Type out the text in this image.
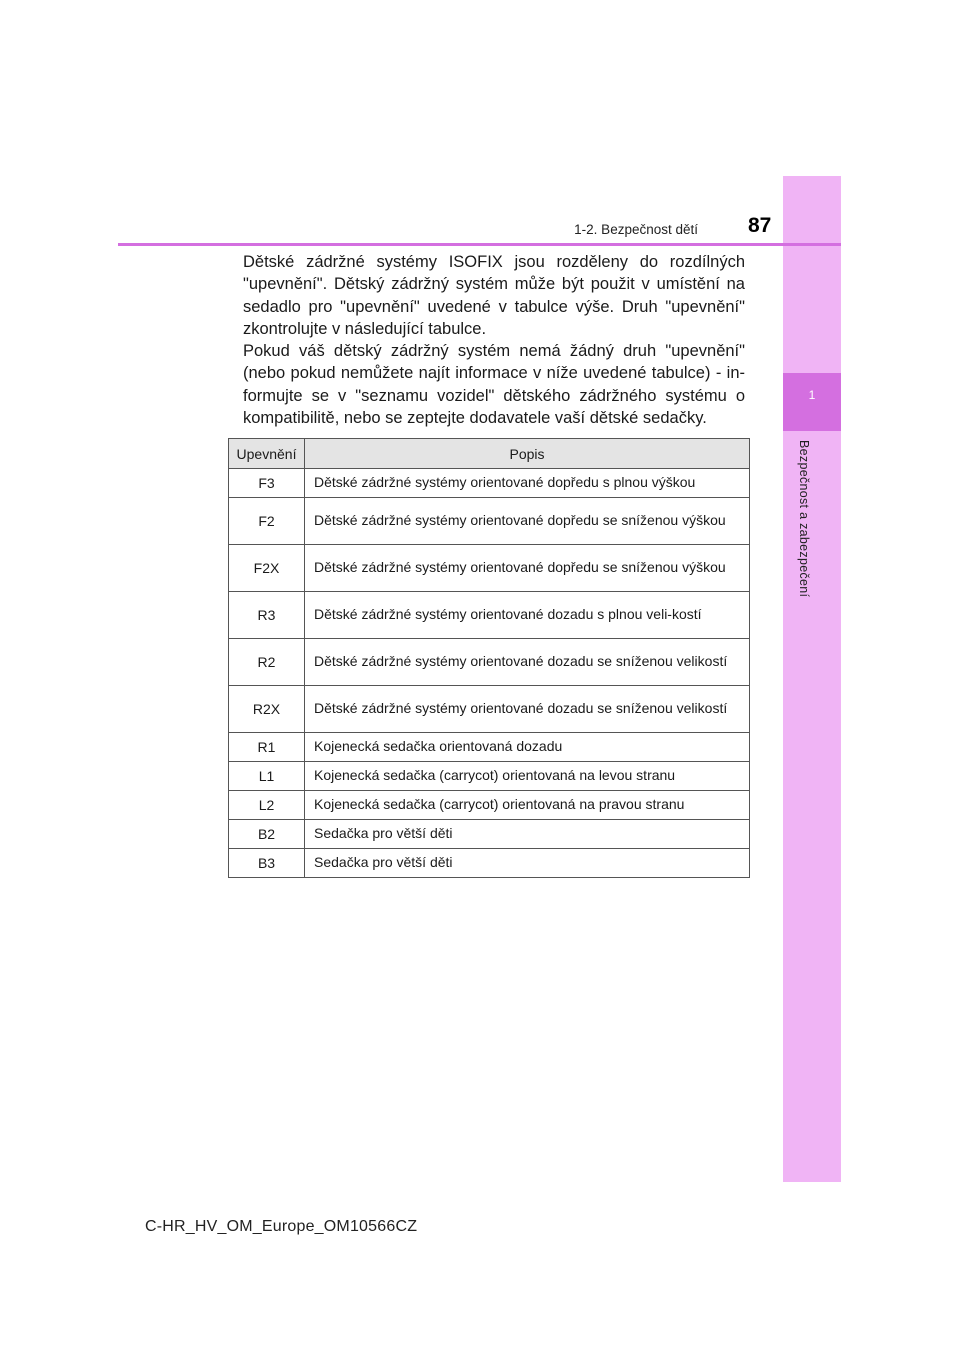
1
Bezpečnost a zabezpečení
1-2. Bezpečnost dětí 87

Dětské zádržné systémy ISOFIX jsou rozděleny do rozdílných "upevnění". Dětský zádržný systém může být použit v umístění na sedadlo pro "upevnění" uvedené v tabulce výše. Druh "upevnění" zkontrolujte v následující tabulce.

Pokud váš dětský zádržný systém nemá žádný druh "upevnění" (nebo pokud nemůžete najít informace v níže uvedené tabulce) - in-formujte se v "seznamu vozidel" dětského zádržného systému o kompatibilitě, nebo se zeptejte dodavatele vaší dětské sedačky.

Upevnění	Popis
F3	Dětské zádržné systémy orientované dopředu s plnou výškou
F2	Dětské zádržné systémy orientované dopředu se sníženou výškou
F2X	Dětské zádržné systémy orientované dopředu se sníženou výškou
R3	Dětské zádržné systémy orientované dozadu s plnou veli-kostí
R2	Dětské zádržné systémy orientované dozadu se sníženou velikostí
R2X	Dětské zádržné systémy orientované dozadu se sníženou velikostí
R1	Kojenecká sedačka orientovaná dozadu
L1	Kojenecká sedačka (carrycot) orientovaná na levou stranu
L2	Kojenecká sedačka (carrycot) orientovaná na pravou stranu
B2	Sedačka pro větší děti
B3	Sedačka pro větší děti
C-HR_HV_OM_Europe_OM10566CZ
